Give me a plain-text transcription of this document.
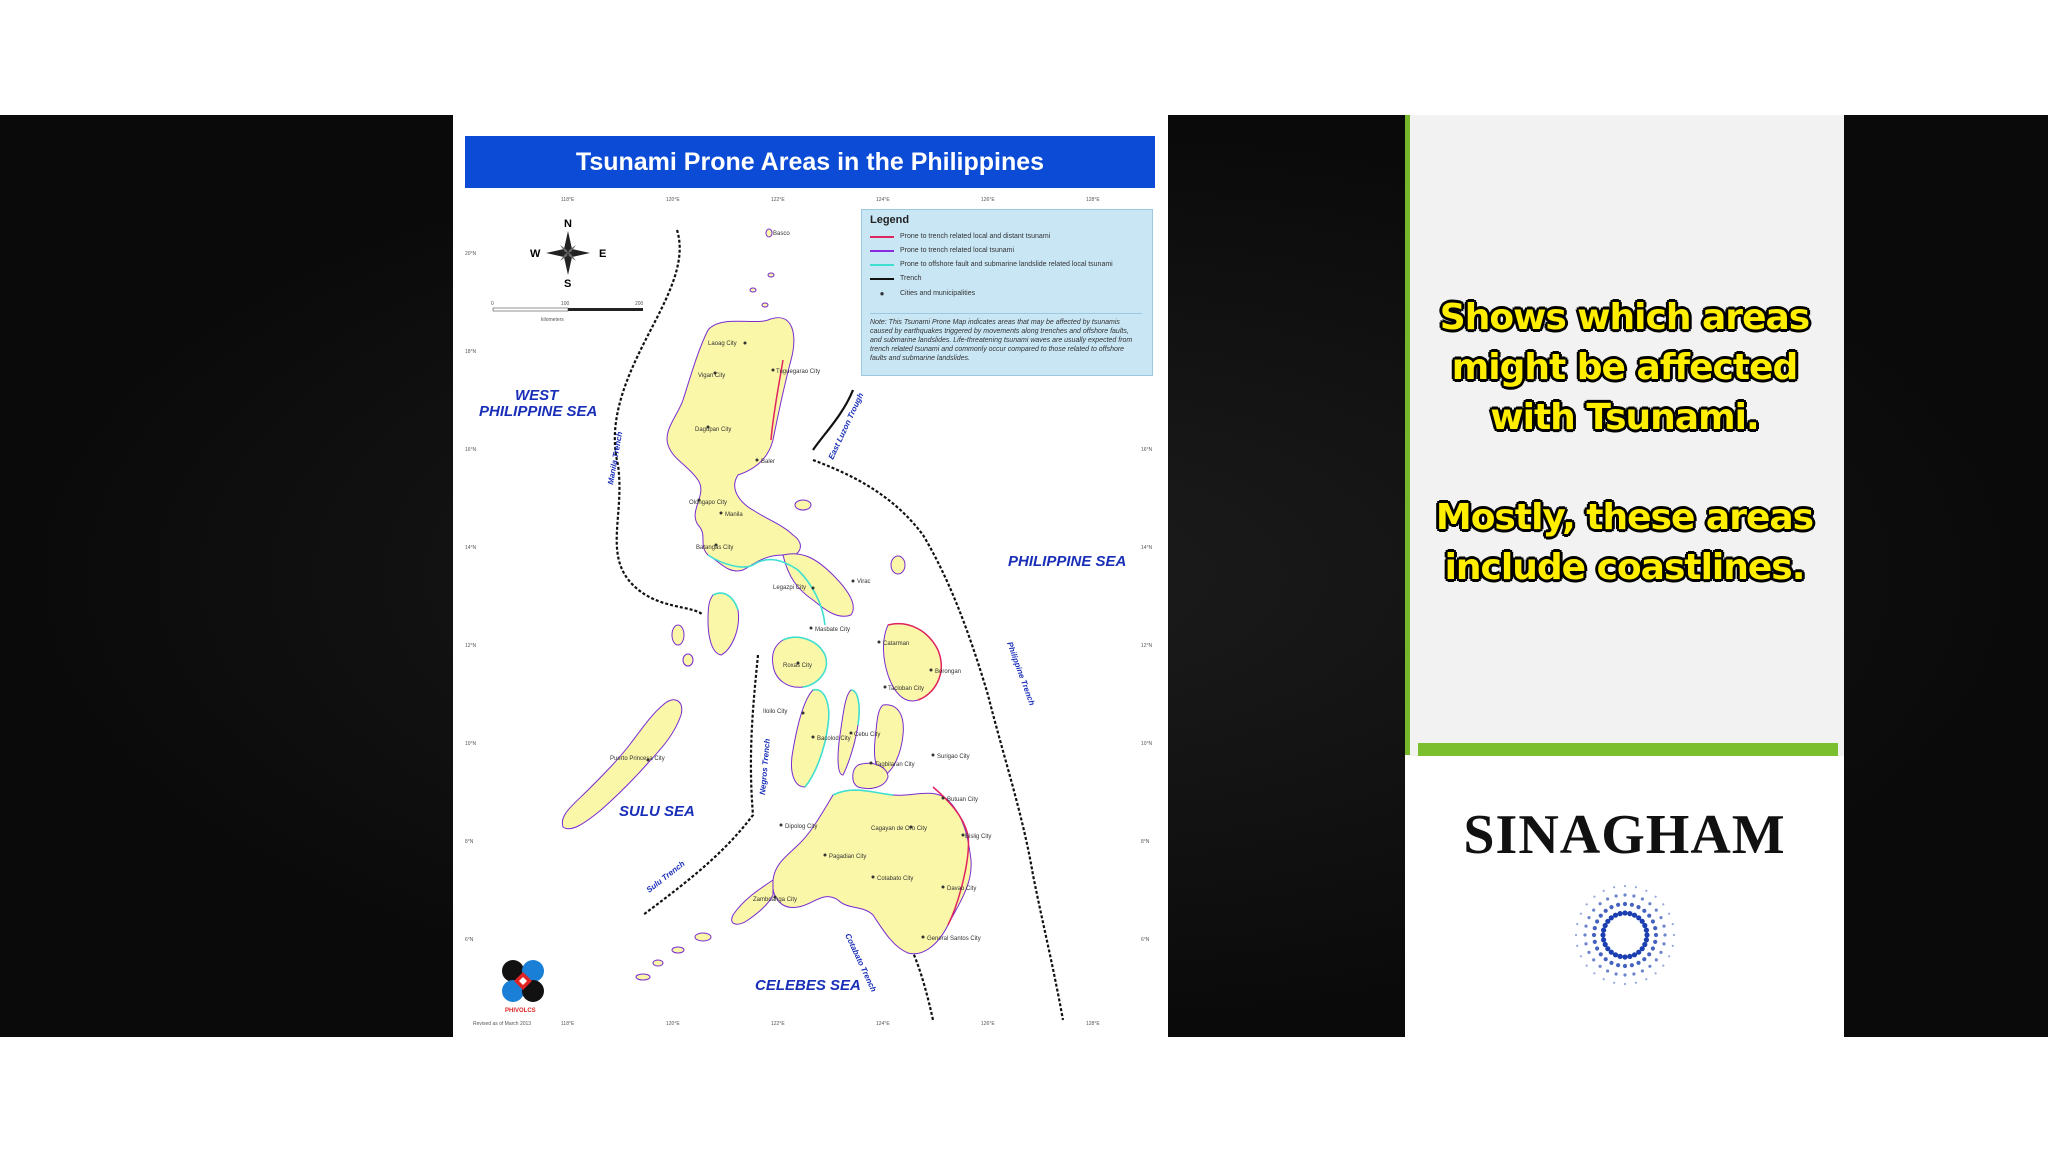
118°E	120°E	122°E	124°E	126°E	128°E
118°E	120°E	122°E	124°E	126°E	128°E
20°N
18°N
16°N
14°N
12°N
10°N
8°N
6°N
16°N
14°N
12°N
10°N
8°N
6°N
N
S
W	E
0	100	200
kilometers
Basco
Laoag City
Vigan City
Tuguegarao City
Dagupan City
Baler
Olongapo City
Manila
Batangas City
Legazpi City
Virac
Masbate City
Catarman
Roxas City
Borongan
Tacloban City
Iloilo City
Bacolod City
Cebu City
Tagbilaran City
Surigao City
Puerto Princesa City
Dipolog City
Butuan City
Cagayan de Oro City
Bislig City
Pagadian City
Zamboanga City
Cotabato City
Davao City
General Santos City
WEST
PHILIPPINE SEA
PHILIPPINE SEA
SULU SEA
CELEBES SEA
Manila Trench	East Luzon Trough
Philippine Trench
Negros Trench
Sulu Trench
Cotabato Trench
PHIVOLCS
Revised as of March 2013
Tsunami Prone Areas in the Philippines
Legend
Prone to trench related local and distant tsunami
Prone to trench related local tsunami
Prone to offshore fault and submarine landslide related local tsunami
Trench
●	Cities and municipalities
Note: This Tsunami Prone Map indicates areas that may be affected by tsunamis caused by earthquakes triggered by movements along trenches and offshore faults, and submarine landslides. Life-threatening tsunami waves are usually expected from trench related tsunami and commonly occur compared to those related to offshore faults and submarine landslides.
Shows which areas
might be affected
with Tsunami.
Mostly, these areas
include coastlines.
SINAGHAM
